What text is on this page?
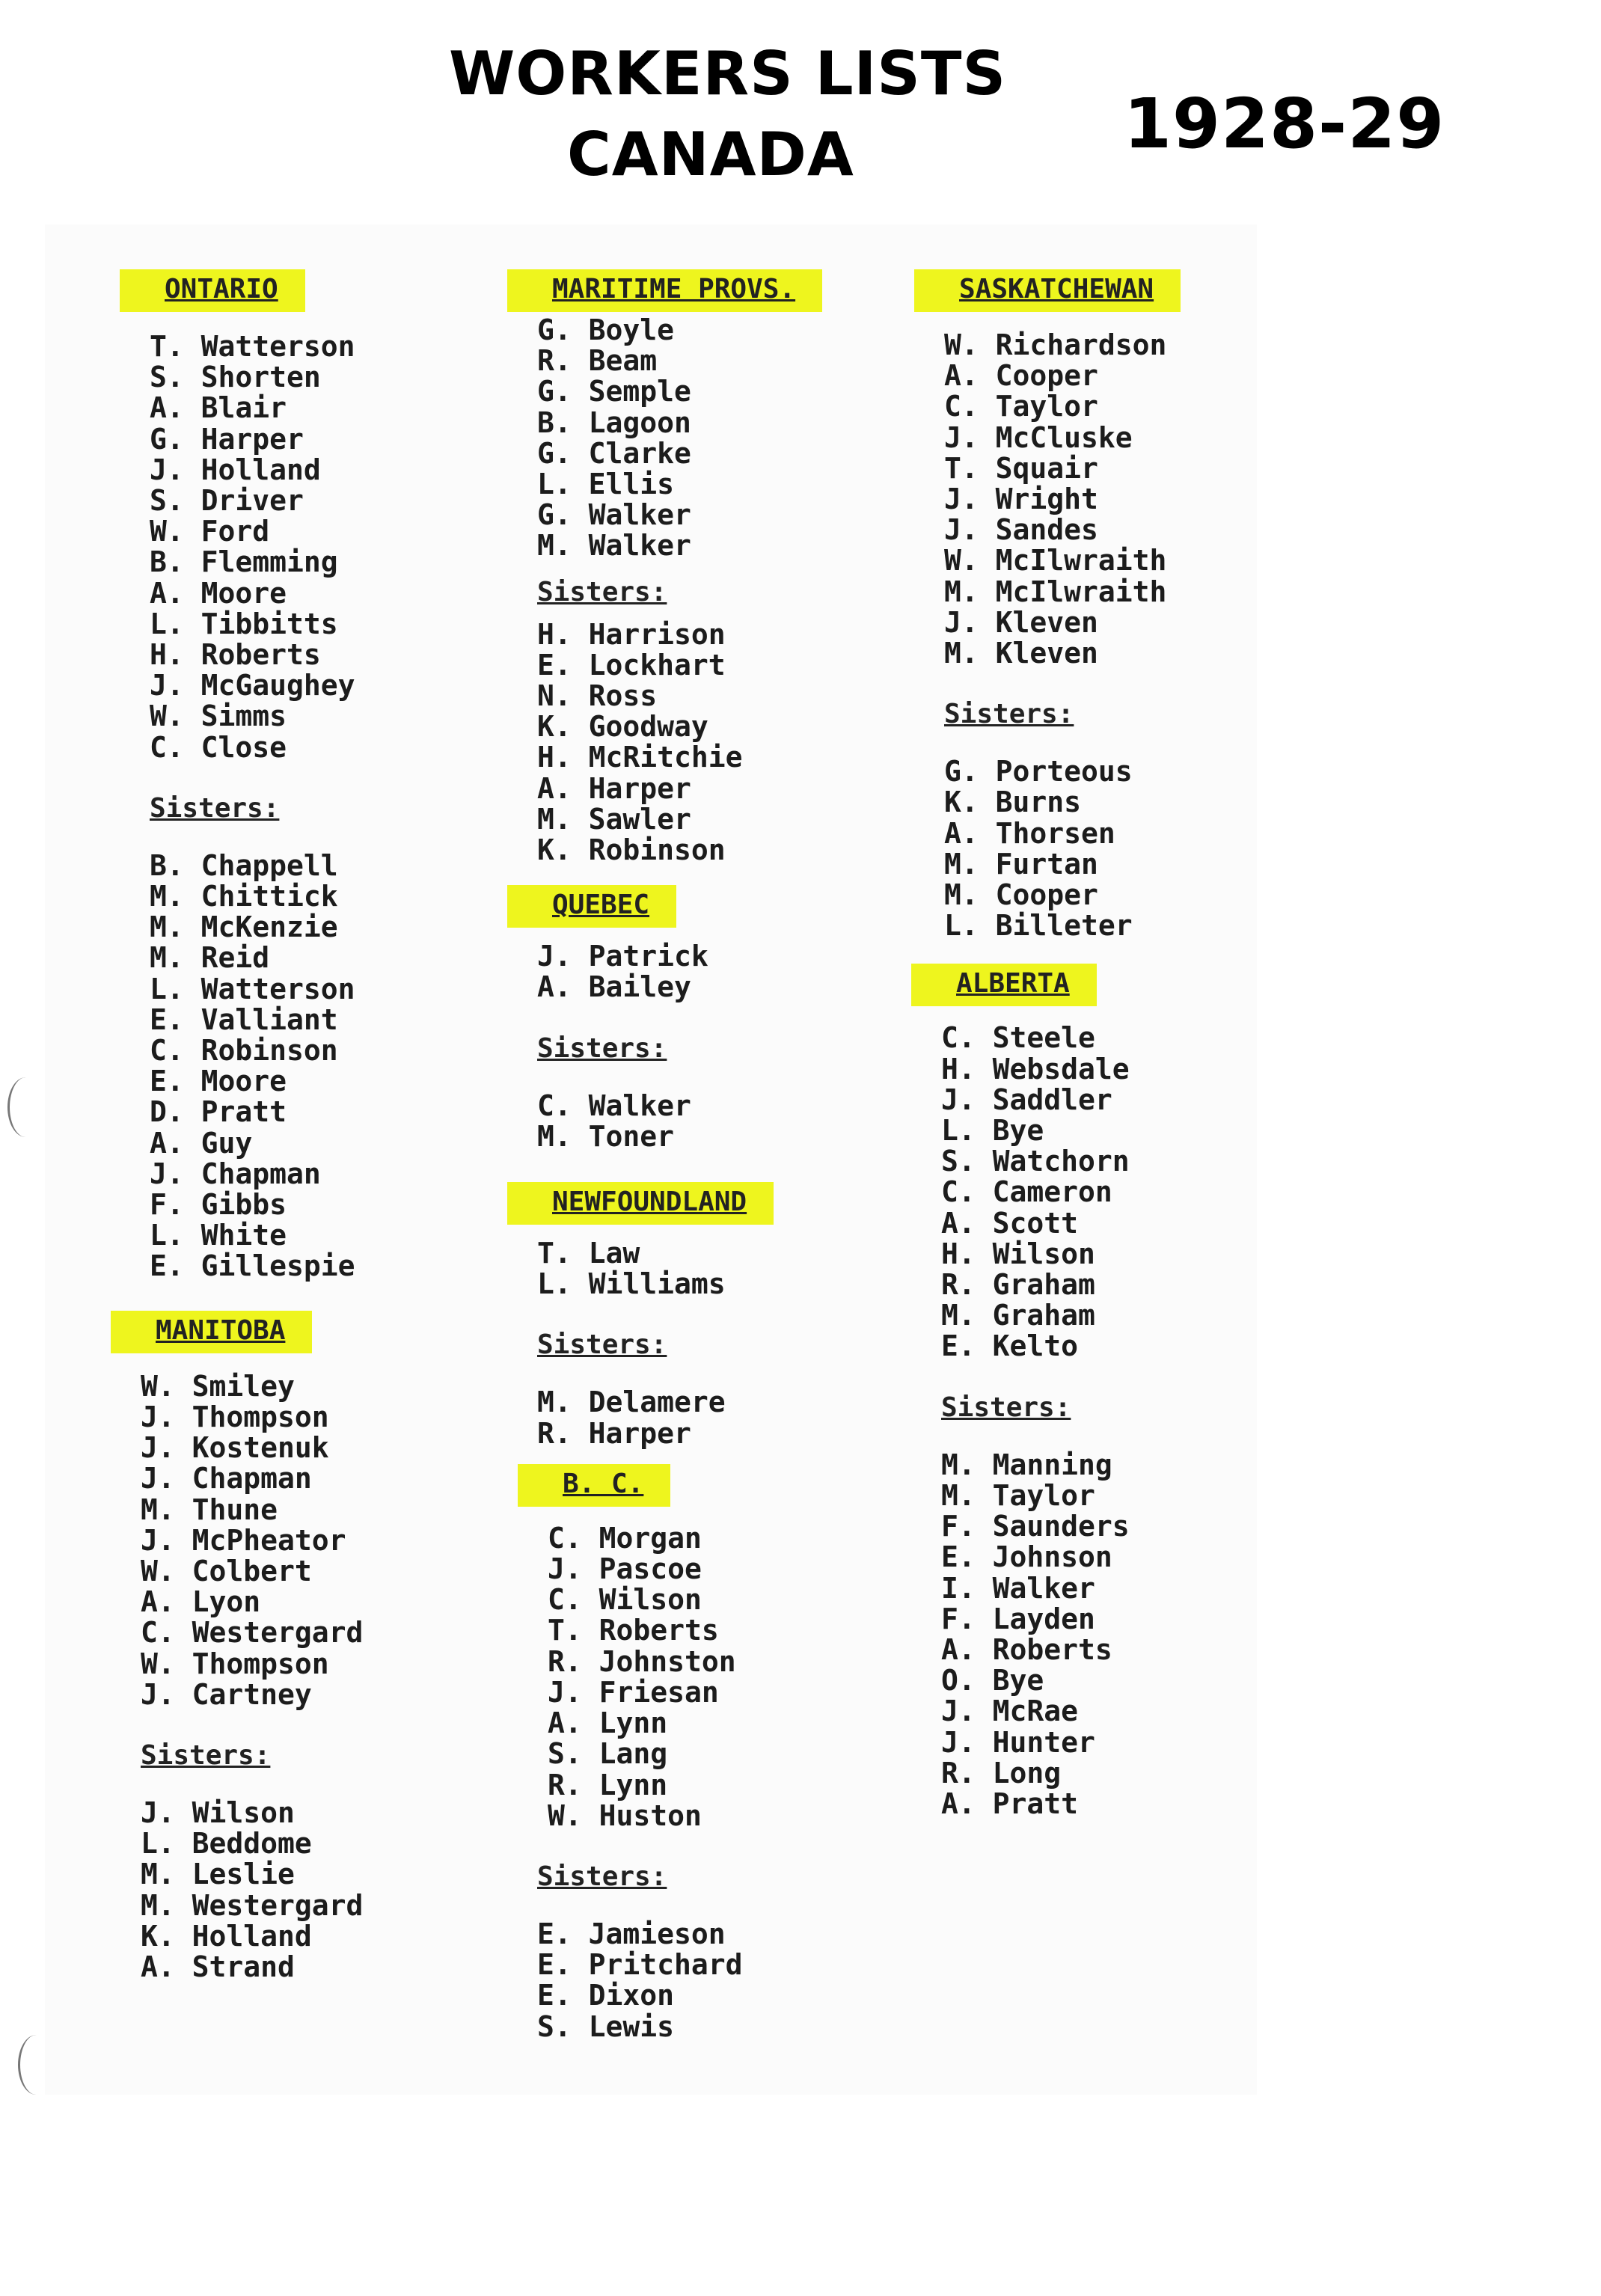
WORKERS LISTS
CANADA	1928-29
ONTARIO
T. Watterson
S. Shorten
A. Blair
G. Harper
J. Holland
S. Driver
W. Ford
B. Flemming
A. Moore
L. Tibbitts
H. Roberts
J. McGaughey
W. Simms
C. Close
Sisters:
B. Chappell
M. Chittick
M. McKenzie
M. Reid
L. Watterson
E. Valliant
C. Robinson
E. Moore
D. Pratt
A. Guy
J. Chapman
F. Gibbs
L. White
E. Gillespie
MANITOBA
W. Smiley
J. Thompson
J. Kostenuk
J. Chapman
M. Thune
J. McPheator
W. Colbert
A. Lyon
C. Westergard
W. Thompson
J. Cartney
Sisters:
J. Wilson
L. Beddome
M. Leslie
M. Westergard
K. Holland
A. Strand
MARITIME PROVS.
G. Boyle
R. Beam
G. Semple
B. Lagoon
G. Clarke
L. Ellis
G. Walker
M. Walker
Sisters:
H. Harrison
E. Lockhart
N. Ross
K. Goodway
H. McRitchie
A. Harper
M. Sawler
K. Robinson
QUEBEC
J. Patrick
A. Bailey
Sisters:
C. Walker
M. Toner
NEWFOUNDLAND
T. Law
L. Williams
Sisters:
M. Delamere
R. Harper
B. C.
C. Morgan
J. Pascoe
C. Wilson
T. Roberts
R. Johnston
J. Friesan
A. Lynn
S. Lang
R. Lynn
W. Huston
Sisters:
E. Jamieson
E. Pritchard
E. Dixon
S. Lewis
SASKATCHEWAN
W. Richardson
A. Cooper
C. Taylor
J. McCluske
T. Squair
J. Wright
J. Sandes
W. McIlwraith
M. McIlwraith
J. Kleven
M. Kleven
Sisters:
G. Porteous
K. Burns
A. Thorsen
M. Furtan
M. Cooper
L. Billeter
ALBERTA
C. Steele
H. Websdale
J. Saddler
L. Bye
S. Watchorn
C. Cameron
A. Scott
H. Wilson
R. Graham
M. Graham
E. Kelto
Sisters:
M. Manning
M. Taylor
F. Saunders
E. Johnson
I. Walker
F. Layden
A. Roberts
O. Bye
J. McRae
J. Hunter
R. Long
A. Pratt
